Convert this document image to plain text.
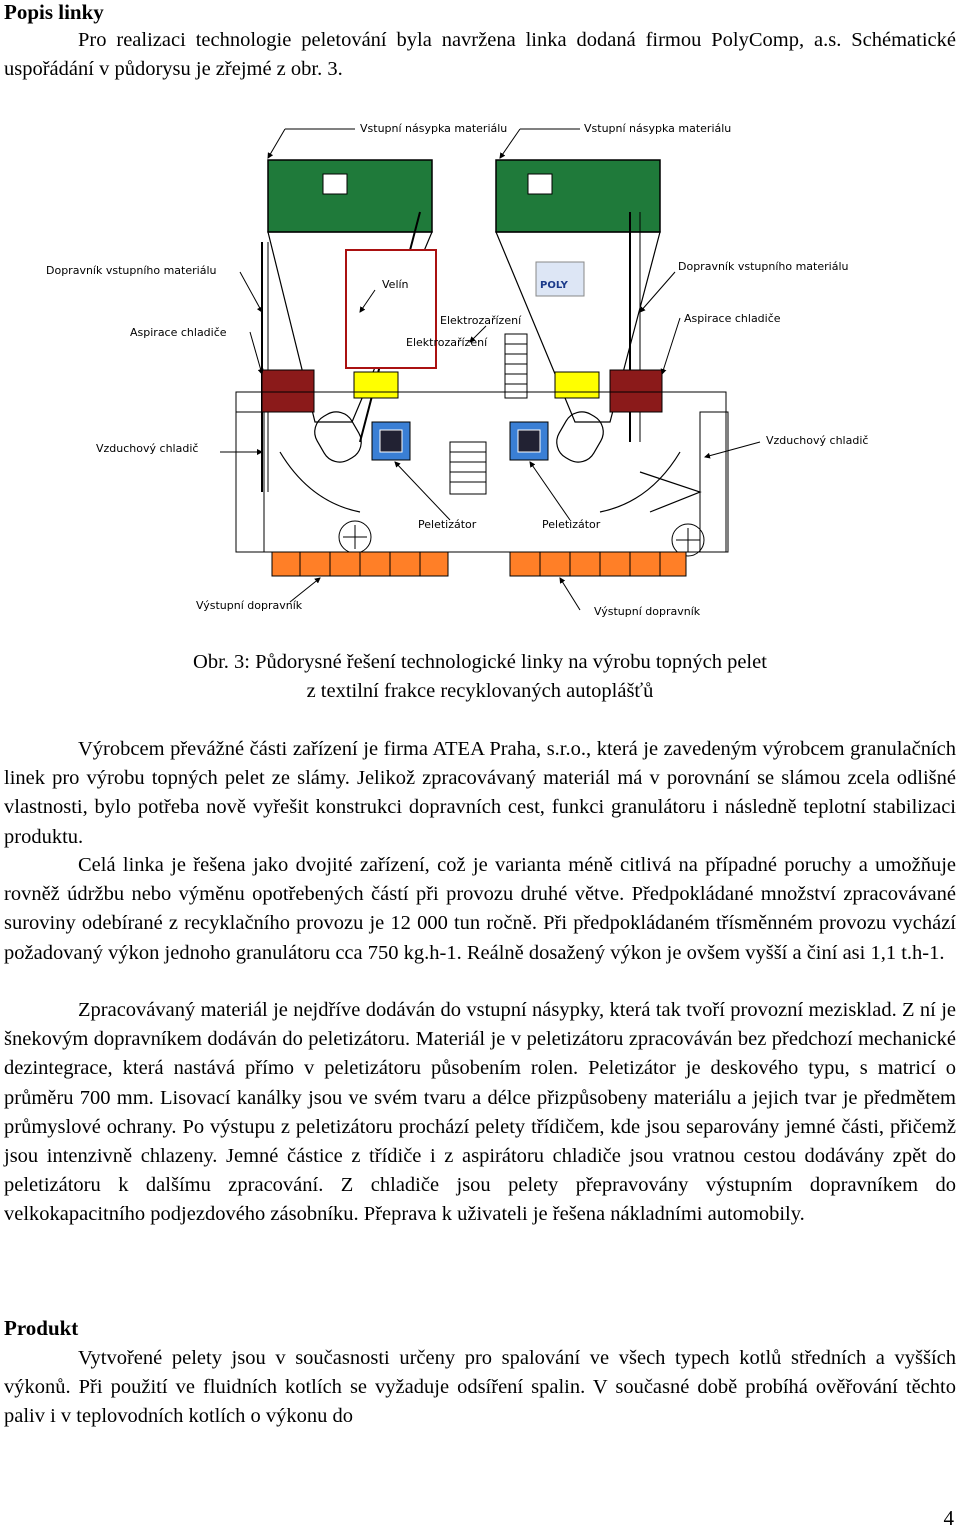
Popis linky

Pro realizaci technologie peletování byla navržena linka dodaná firmou PolyComp, a.s. Schématické uspořádání v půdorysu je zřejmé z obr. 3.

POLY
Vstupní násypka materiálu	Vstupní násypka materiálu
Dopravník vstupního materiálu	Dopravník vstupního materiálu
Velín
Elektrozařízení
Elektrozařízení
Aspirace chladiče
Aspirace chladiče
Vzduchový chladič
Vzduchový chladič
Peletizátor	Peletizátor
Výstupní dopravník	Výstupní dopravník
Obr. 3: Půdorysné řešení technologické linky na výrobu topných pelet
z textilní frakce recyklovaných autoplášťů

Výrobcem převážné části zařízení je firma ATEA Praha, s.r.o., která je zavedeným výrobcem granulačních linek pro výrobu topných pelet ze slámy. Jelikož zpracovávaný materiál má v porovnání se slámou zcela odlišné vlastnosti, bylo potřeba nově vyřešit konstrukci dopravních cest, funkci granulátoru i následně teplotní stabilizaci produktu.

Celá linka je řešena jako dvojité zařízení, což je varianta méně citlivá na případné poruchy a umožňuje rovněž údržbu nebo výměnu opotřebených částí při provozu druhé větve. Předpokládané množství zpracovávané suroviny odebírané z recyklačního provozu je 12 000 tun ročně. Při předpokládaném třísměnném provozu vychází požadovaný výkon jednoho granulátoru cca 750 kg.h-1. Reálně dosažený výkon je ovšem vyšší a činí asi 1,1 t.h-1.

Zpracovávaný materiál je nejdříve dodáván do vstupní násypky, která tak tvoří provozní mezisklad. Z ní je šnekovým dopravníkem dodáván do peletizátoru. Materiál je v peletizátoru zpracováván bez předchozí mechanické dezintegrace, která nastává přímo v peletizátoru působením rolen. Peletizátor je deskového typu, s matricí o průměru 700 mm. Lisovací kanálky jsou ve svém tvaru a délce přizpůsobeny materiálu a jejich tvar je předmětem průmyslové ochrany. Po výstupu z peletizátoru prochází pelety třídičem, kde jsou separovány jemné části, přičemž jsou intenzivně chlazeny. Jemné částice z třídiče i z aspirátoru chladiče jsou vratnou cestou dodávány zpět do peletizátoru k dalšímu zpracování. Z chladiče jsou pelety přepravovány výstupním dopravníkem do velkokapacitního podjezdového zásobníku. Přeprava k uživateli je řešena nákladními automobily.

Produkt

Vytvořené pelety jsou v současnosti určeny pro spalování ve všech typech kotlů středních a vyšších výkonů. Při použití ve fluidních kotlích se vyžaduje odsíření spalin. V současné době probíhá ověřování těchto paliv i v teplovodních kotlích o výkonu do

4
